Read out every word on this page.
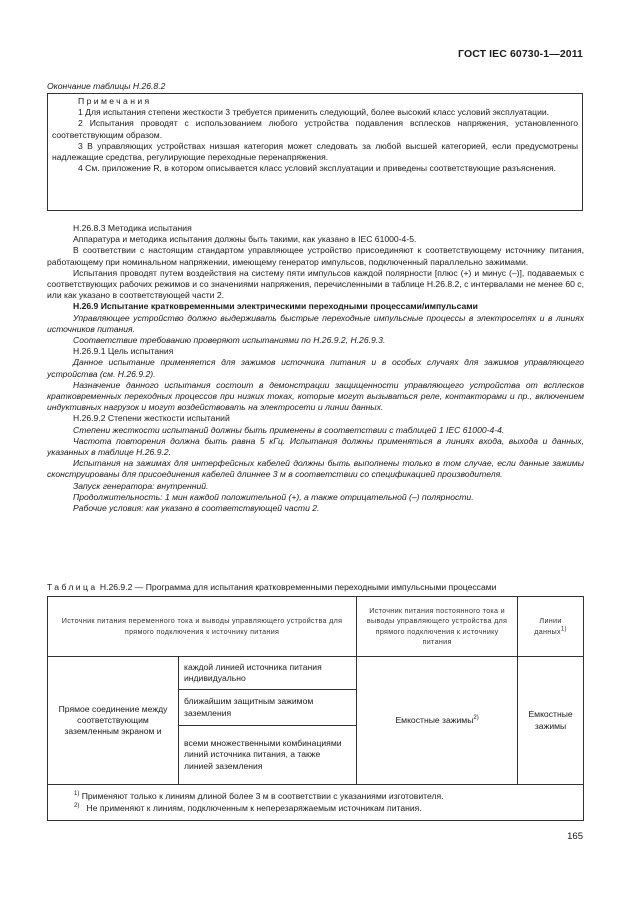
ГОСТ IEC 60730-1—2011
Окончание таблицы Н.26.8.2

Примечания

1 Для испытания степени жесткости 3 требуется применить следующий, более высокий класс условий эксплуатации.

2 Испытания проводят с использованием любого устройства подавления всплесков напряжения, установленного соответствующим образом.

3 В управляющих устройствах низшая категория может следовать за любой высшей категорией, если предусмотрены надлежащие средства, регулирующие переходные перенапряжения.

4 См. приложение R, в котором описывается класс условий эксплуатации и приведены соответствующие разъяснения.

Н.26.8.3 Методика испытания

Аппаратура и методика испытания должны быть такими, как указано в IEC 61000-4-5.

В соответствии с настоящим стандартом управляющее устройство присоединяют к соответствующему источнику питания, работающему при номинальном напряжении, имеющему генератор импульсов, подключенный параллельно зажимами.

Испытания проводят путем воздействия на систему пяти импульсов каждой полярности [плюс (+) и минус (–)], подаваемых с соответствующих рабочих режимов и со значениями напряжения, перечисленными в таблице Н.26.8.2, с интервалами не менее 60 с, или как указано в соответствующей части 2.

Н.26.9 Испытание кратковременными электрическими переходными процессами/импульсами

Управляющее устройство должно выдерживать быстрые переходные импульсные процессы в электросетях и в линиях источников питания.

Соответствие требованию проверяют испытаниями по Н.26.9.2, Н.26.9.3.

Н.26.9.1 Цель испытания

Данное испытание применяется для зажимов источника питания и в особых случаях для зажимов управляющего устройства (см. Н.26.9.2).

Назначение данного испытания состоит в демонстрации защищенности управляющего устройства от всплесков кратковременных переходных процессов при низких токах, которые могут вызываться реле, контакторами и пр., включением индуктивных нагрузок и могут воздействовать на электросети и линии данных.

Н.26.9.2 Степени жесткости испытаний

Степени жесткости испытаний должны быть применены в соответствии с таблицей 1 IEC 61000-4-4.

Частота повторения должна быть равна 5 кГц. Испытания должны применяться в линиях входа, выхода и данных, указанных в таблице Н.26.9.2.

Испытания на зажимах для интерфейсных кабелей должны быть выполнены только в том случае, если данные зажимы сконструированы для присоединения кабелей длиннее 3 м в соответствии со спецификацией производителя.

Запуск генератора: внутренний.

Продолжительность: 1 мин каждой положительной (+), а также отрицательной (–) полярности.

Рабочие условия: как указано в соответствующей части 2.

Таблица Н.26.9.2 — Программа для испытания кратковременными переходными импульсными процессами
Источник питания переменного тока и выводы управляющего устройства для прямого подключения к источнику питания		Источник питания постоянного тока и выводы управляющего устройства для прямого подключения к источнику питания	Линии данных$^{1)}$
Прямое соединение между соответствующим заземленным экраном и	каждой линией источника питания индивидуально	Емкостные зажимы$^{2)}$	Емкостные зажимы
	ближайшим защитным зажимом заземления		
	всеми множественными комбинациями линий источника питания, а также линией заземления		

$^{1)}$ Применяют только к линиям длиной более 3 м в соответствии с указаниями изготовителя.
$^{2)}$ Не применяют к линиям, подключенным к неперезаряжаемым источникам питания.			
165
